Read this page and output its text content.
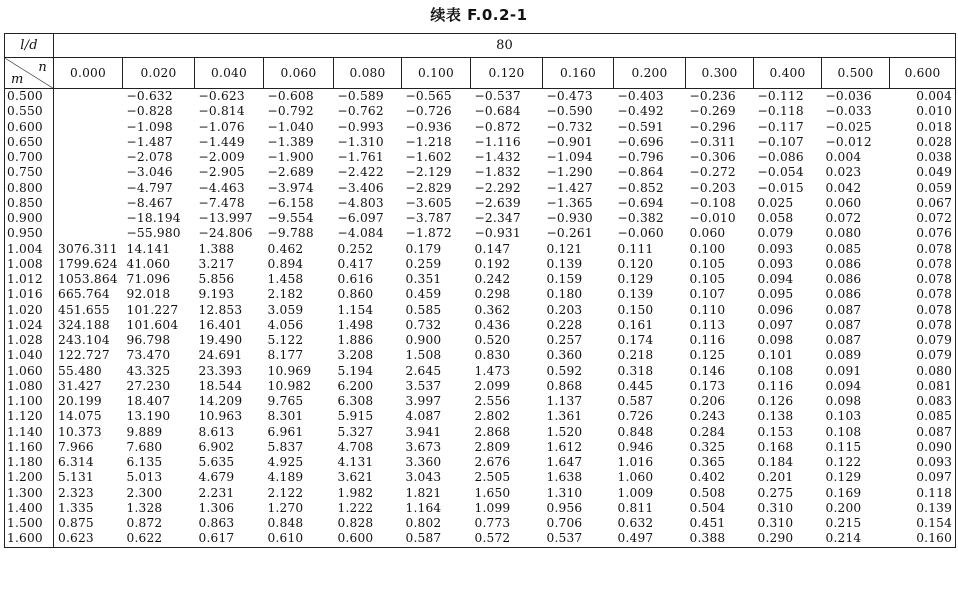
续表 F.0.2-1
l/d	80												

n
m	0.000	0.020	0.040	0.060	0.080	0.100	0.120	0.160	0.200	0.300	0.400	0.500	0.600
0.500		−0.632	−0.623	−0.608	−0.589	−0.565	−0.537	−0.473	−0.403	−0.236	−0.112	−0.036	0.004
0.550		−0.828	−0.814	−0.792	−0.762	−0.726	−0.684	−0.590	−0.492	−0.269	−0.118	−0.033	0.010
0.600		−1.098	−1.076	−1.040	−0.993	−0.936	−0.872	−0.732	−0.591	−0.296	−0.117	−0.025	0.018
0.650		−1.487	−1.449	−1.389	−1.310	−1.218	−1.116	−0.901	−0.696	−0.311	−0.107	−0.012	0.028
0.700		−2.078	−2.009	−1.900	−1.761	−1.602	−1.432	−1.094	−0.796	−0.306	−0.086	0.004	0.038
0.750		−3.046	−2.905	−2.689	−2.422	−2.129	−1.832	−1.290	−0.864	−0.272	−0.054	0.023	0.049
0.800		−4.797	−4.463	−3.974	−3.406	−2.829	−2.292	−1.427	−0.852	−0.203	−0.015	0.042	0.059
0.850		−8.467	−7.478	−6.158	−4.803	−3.605	−2.639	−1.365	−0.694	−0.108	0.025	0.060	0.067
0.900		−18.194	−13.997	−9.554	−6.097	−3.787	−2.347	−0.930	−0.382	−0.010	0.058	0.072	0.072
0.950		−55.980	−24.806	−9.788	−4.084	−1.872	−0.931	−0.261	−0.060	0.060	0.079	0.080	0.076
1.004	3076.311	14.141	1.388	0.462	0.252	0.179	0.147	0.121	0.111	0.100	0.093	0.085	0.078
1.008	1799.624	41.060	3.217	0.894	0.417	0.259	0.192	0.139	0.120	0.105	0.093	0.086	0.078
1.012	1053.864	71.096	5.856	1.458	0.616	0.351	0.242	0.159	0.129	0.105	0.094	0.086	0.078
1.016	665.764	92.018	9.193	2.182	0.860	0.459	0.298	0.180	0.139	0.107	0.095	0.086	0.078
1.020	451.655	101.227	12.853	3.059	1.154	0.585	0.362	0.203	0.150	0.110	0.096	0.087	0.078
1.024	324.188	101.604	16.401	4.056	1.498	0.732	0.436	0.228	0.161	0.113	0.097	0.087	0.078
1.028	243.104	96.798	19.490	5.122	1.886	0.900	0.520	0.257	0.174	0.116	0.098	0.087	0.079
1.040	122.727	73.470	24.691	8.177	3.208	1.508	0.830	0.360	0.218	0.125	0.101	0.089	0.079
1.060	55.480	43.325	23.393	10.969	5.194	2.645	1.473	0.592	0.318	0.146	0.108	0.091	0.080
1.080	31.427	27.230	18.544	10.982	6.200	3.537	2.099	0.868	0.445	0.173	0.116	0.094	0.081
1.100	20.199	18.407	14.209	9.765	6.308	3.997	2.556	1.137	0.587	0.206	0.126	0.098	0.083
1.120	14.075	13.190	10.963	8.301	5.915	4.087	2.802	1.361	0.726	0.243	0.138	0.103	0.085
1.140	10.373	9.889	8.613	6.961	5.327	3.941	2.868	1.520	0.848	0.284	0.153	0.108	0.087
1.160	7.966	7.680	6.902	5.837	4.708	3.673	2.809	1.612	0.946	0.325	0.168	0.115	0.090
1.180	6.314	6.135	5.635	4.925	4.131	3.360	2.676	1.647	1.016	0.365	0.184	0.122	0.093
1.200	5.131	5.013	4.679	4.189	3.621	3.043	2.505	1.638	1.060	0.402	0.201	0.129	0.097
1.300	2.323	2.300	2.231	2.122	1.982	1.821	1.650	1.310	1.009	0.508	0.275	0.169	0.118
1.400	1.335	1.328	1.306	1.270	1.222	1.164	1.099	0.956	0.811	0.504	0.310	0.200	0.139
1.500	0.875	0.872	0.863	0.848	0.828	0.802	0.773	0.706	0.632	0.451	0.310	0.215	0.154
1.600	0.623	0.622	0.617	0.610	0.600	0.587	0.572	0.537	0.497	0.388	0.290	0.214	0.160
